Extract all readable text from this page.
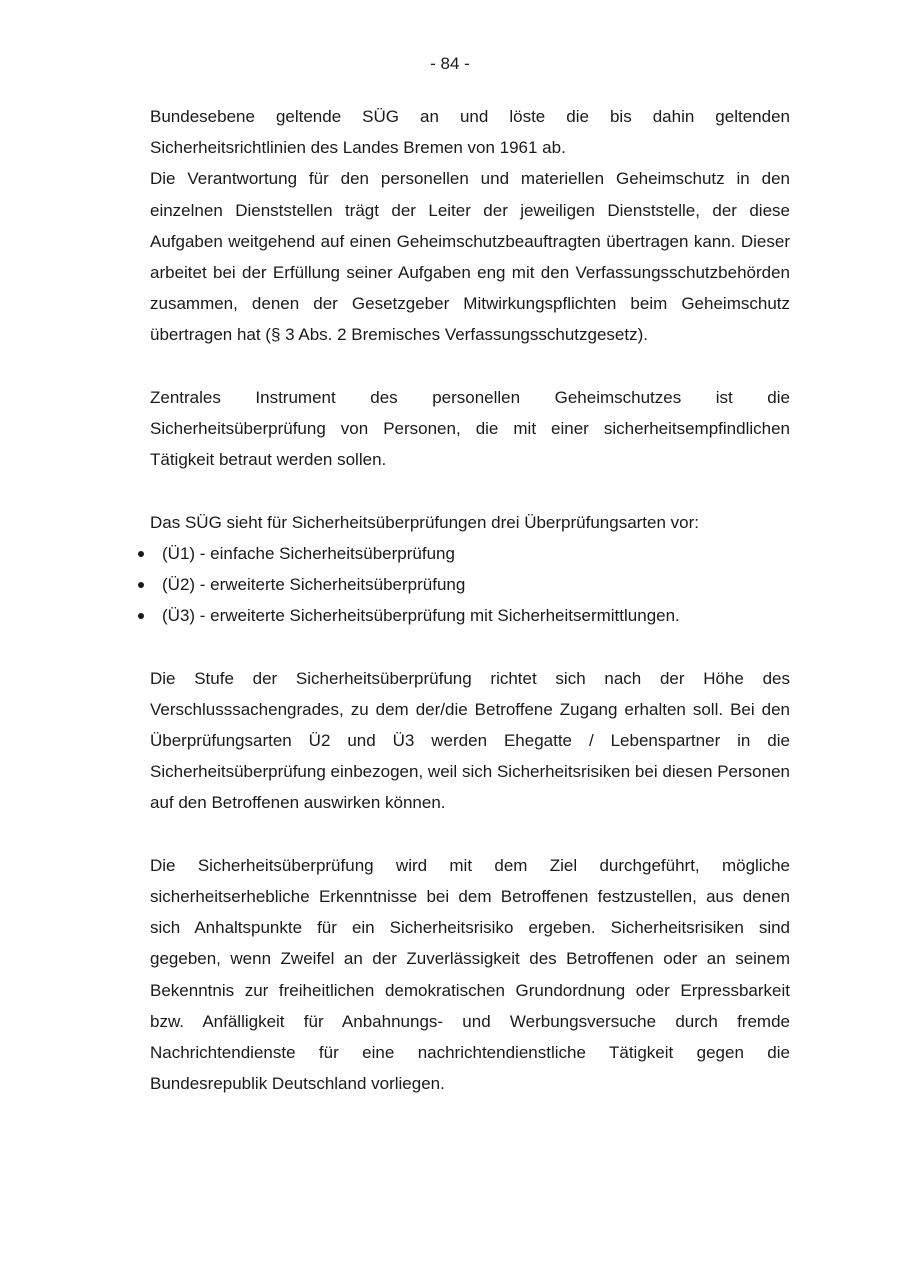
- 84 -

Bundesebene geltende SÜG an und löste die bis dahin geltenden Sicherheitsrichtlinien des Landes Bremen von 1961 ab.

Die Verantwortung für den personellen und materiellen Geheimschutz in den einzelnen Dienststellen trägt der Leiter der jeweiligen Dienststelle, der diese Aufgaben weitgehend auf einen Geheimschutzbeauftragten übertragen kann. Dieser arbeitet bei der Erfüllung seiner Aufgaben eng mit den Verfassungsschutzbehörden zusammen, denen der Gesetzgeber Mitwirkungspflichten beim Geheimschutz übertragen hat (§ 3 Abs. 2 Bremisches Verfassungsschutzgesetz).

Zentrales Instrument des personellen Geheimschutzes ist die Sicherheitsüberprüfung von Personen, die mit einer sicherheitsempfindlichen Tätigkeit betraut werden sollen.

Das SÜG sieht für Sicherheitsüberprüfungen drei Überprüfungsarten vor:

(Ü1) - einfache Sicherheitsüberprüfung
(Ü2) - erweiterte Sicherheitsüberprüfung
(Ü3) - erweiterte Sicherheitsüberprüfung mit Sicherheitsermittlungen.

Die Stufe der Sicherheitsüberprüfung richtet sich nach der Höhe des Verschlusssachengrades, zu dem der/die Betroffene Zugang erhalten soll. Bei den Überprüfungsarten Ü2 und Ü3 werden Ehegatte / Lebenspartner in die Sicherheitsüberprüfung einbezogen, weil sich Sicherheitsrisiken bei diesen Personen auf den Betroffenen auswirken können.

Die Sicherheitsüberprüfung wird mit dem Ziel durchgeführt, mögliche sicherheitserhebliche Erkenntnisse bei dem Betroffenen festzustellen, aus denen sich Anhaltspunkte für ein Sicherheitsrisiko ergeben. Sicherheitsrisiken sind gegeben, wenn Zweifel an der Zuverlässigkeit des Betroffenen oder an seinem Bekenntnis zur freiheitlichen demokratischen Grundordnung oder Erpressbarkeit bzw. Anfälligkeit für Anbahnungs- und Werbungsversuche durch fremde Nachrichtendienste für eine nachrichtendienstliche Tätigkeit gegen die Bundesrepublik Deutschland vorliegen.
